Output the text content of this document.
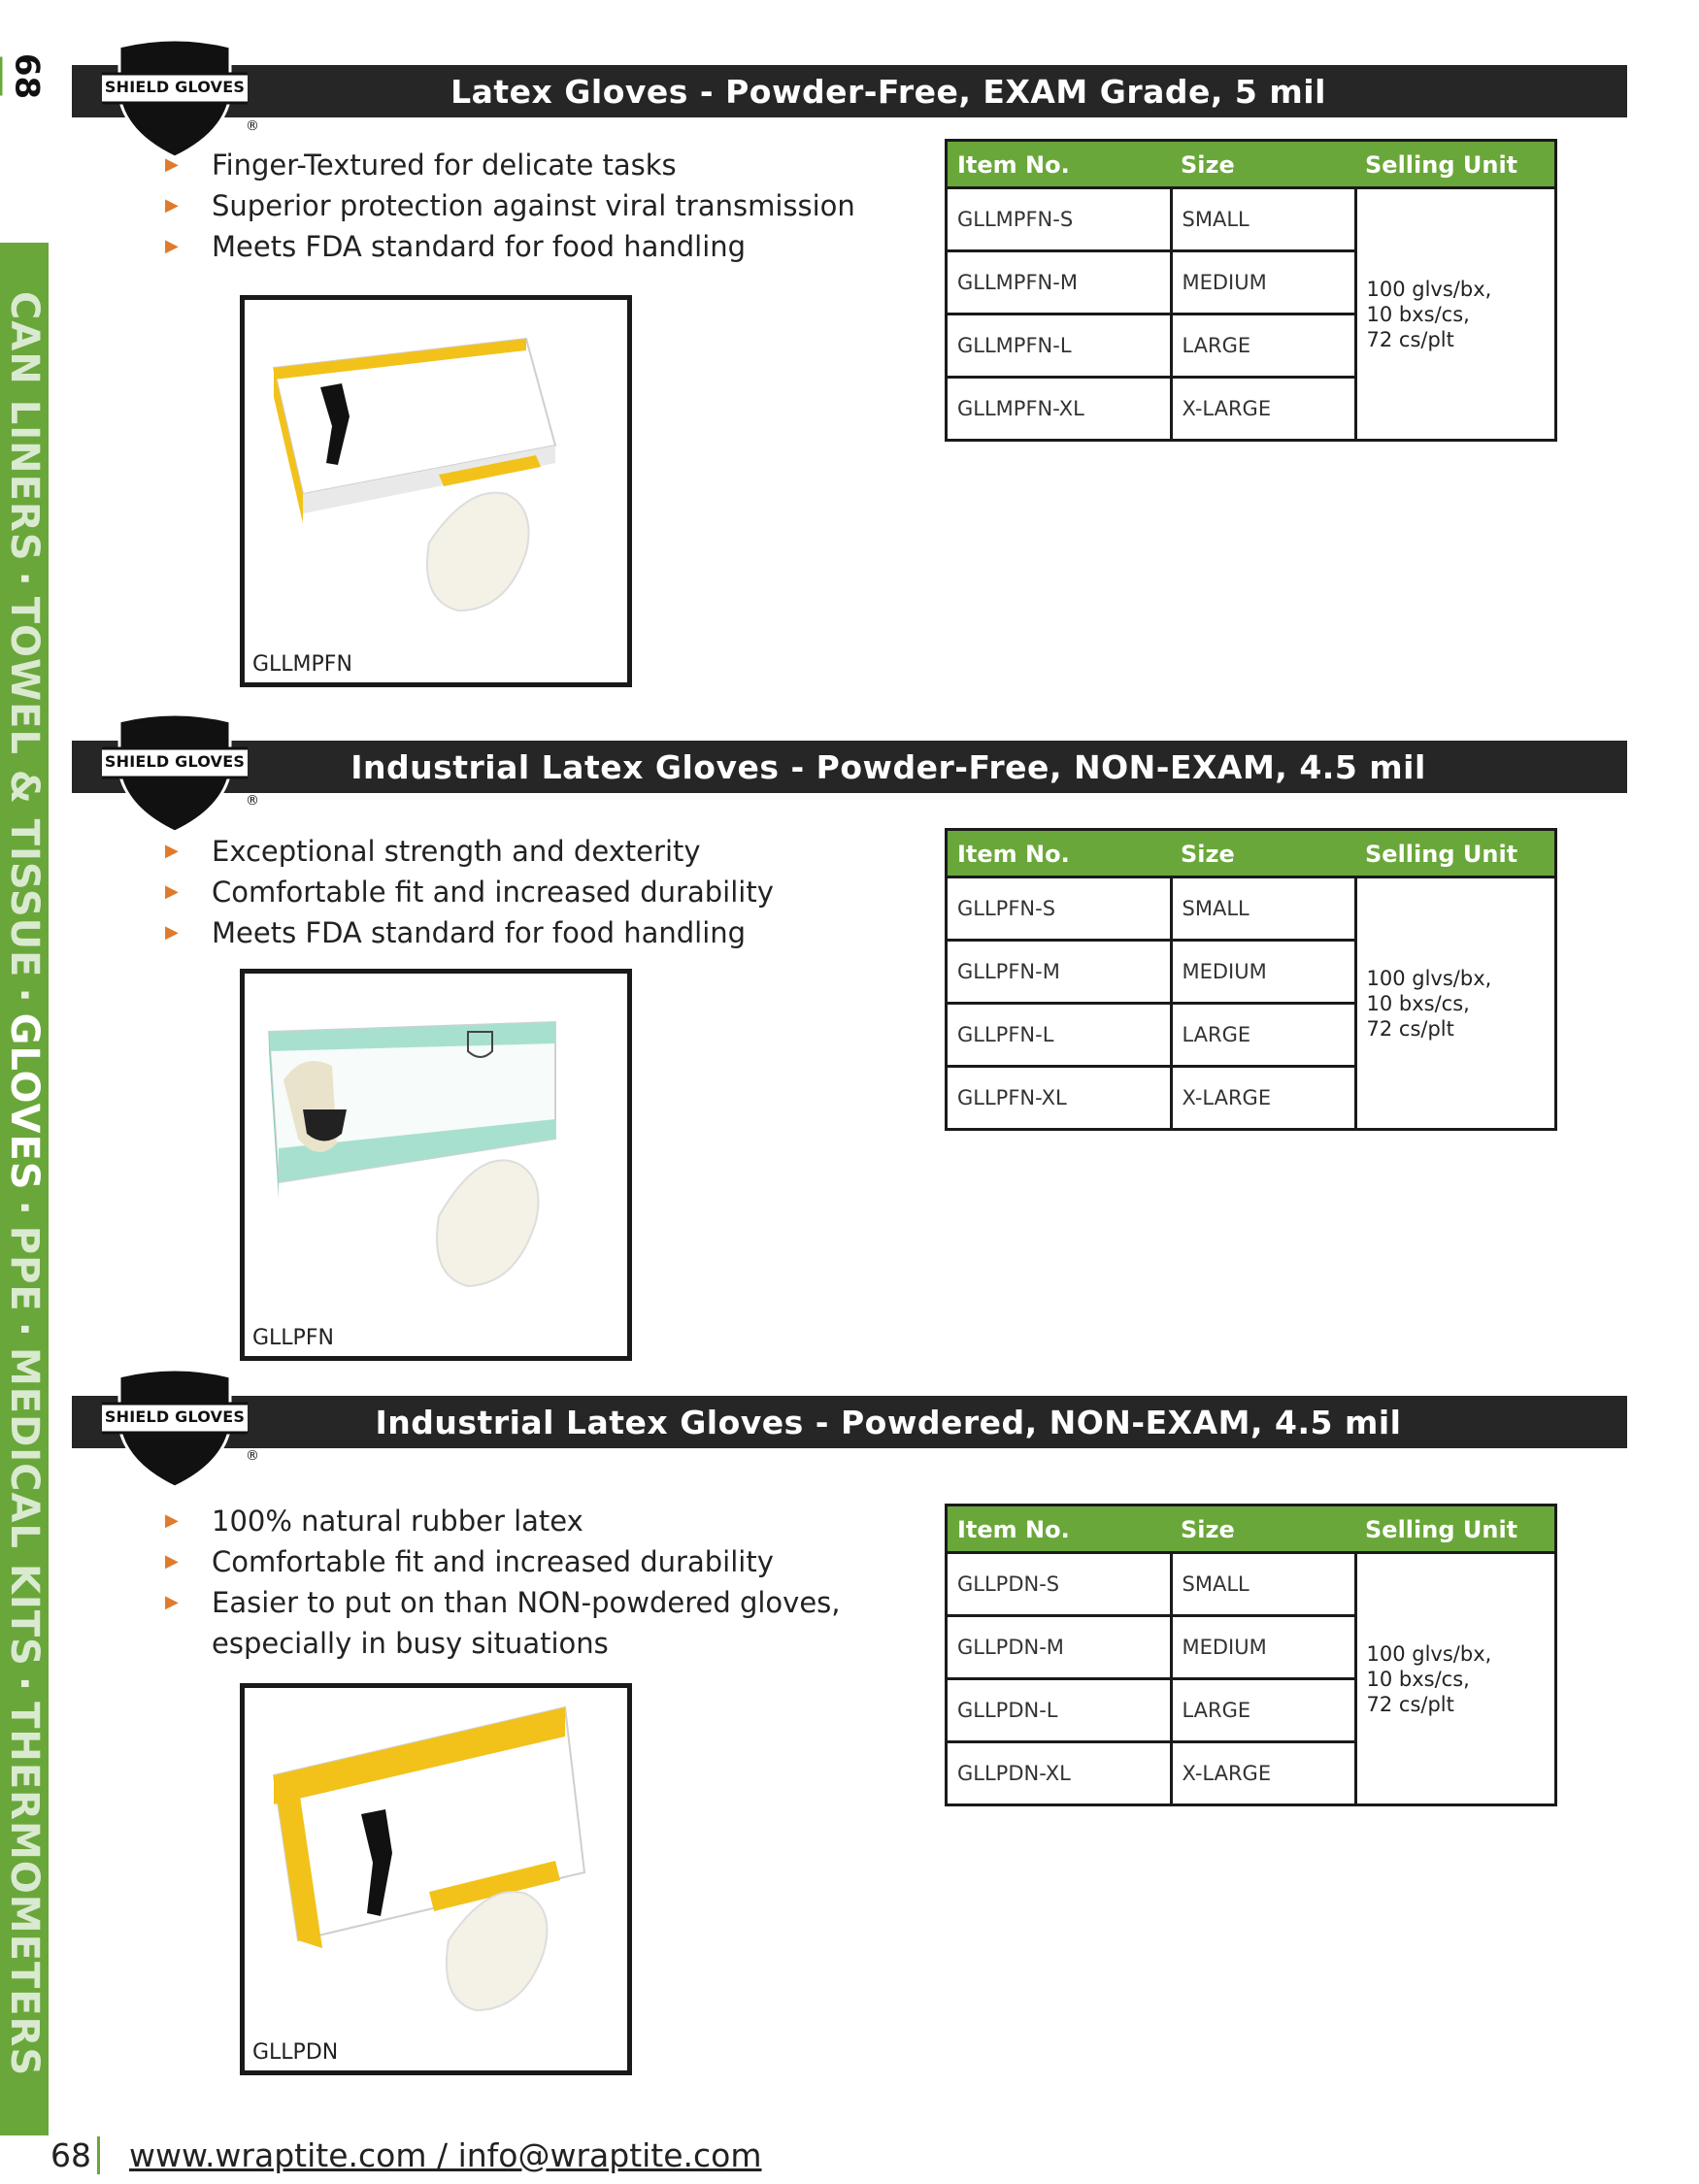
68
CAN LINERS·TOWEL & TISSUE·GLOVES·PPE·MEDICAL KITS·THERMOMETERS
Latex Gloves - Powder-Free, EXAM Grade, 5 mil
SHIELD GLOVES
®
▶ Finger-Textured for delicate tasks
▶ Superior protection against viral transmission
▶ Meets FDA standard for food handling
GLLMPFN
Item No.	Size	Selling Unit
GLLMPFN-S	SMALL	100 glvs/bx,
10 bxs/cs,
72 cs/plt

GLLMPFN-M	MEDIUM	
GLLMPFN-L	LARGE	
GLLMPFN-XL	X-LARGE	
Industrial Latex Gloves - Powder-Free, NON-EXAM, 4.5 mil
SHIELD GLOVES
®
▶ Exceptional strength and dexterity
▶ Comfortable fit and increased durability
▶ Meets FDA standard for food handling
GLLPFN
Item No.	Size	Selling Unit
GLLPFN-S	SMALL	100 glvs/bx,
10 bxs/cs,
72 cs/plt

GLLPFN-M	MEDIUM	
GLLPFN-L	LARGE	
GLLPFN-XL	X-LARGE	
Industrial Latex Gloves - Powdered, NON-EXAM, 4.5 mil
SHIELD GLOVES
®
▶ 100% natural rubber latex
▶ Comfortable fit and increased durability
▶ Easier to put on than NON-powdered gloves, especially in busy situations
GLLPDN
Item No.	Size	Selling Unit
GLLPDN-S	SMALL	100 glvs/bx,
10 bxs/cs,
72 cs/plt

GLLPDN-M	MEDIUM	
GLLPDN-L	LARGE	
GLLPDN-XL	X-LARGE	
68 www.wraptite.com / info@wraptite.com
